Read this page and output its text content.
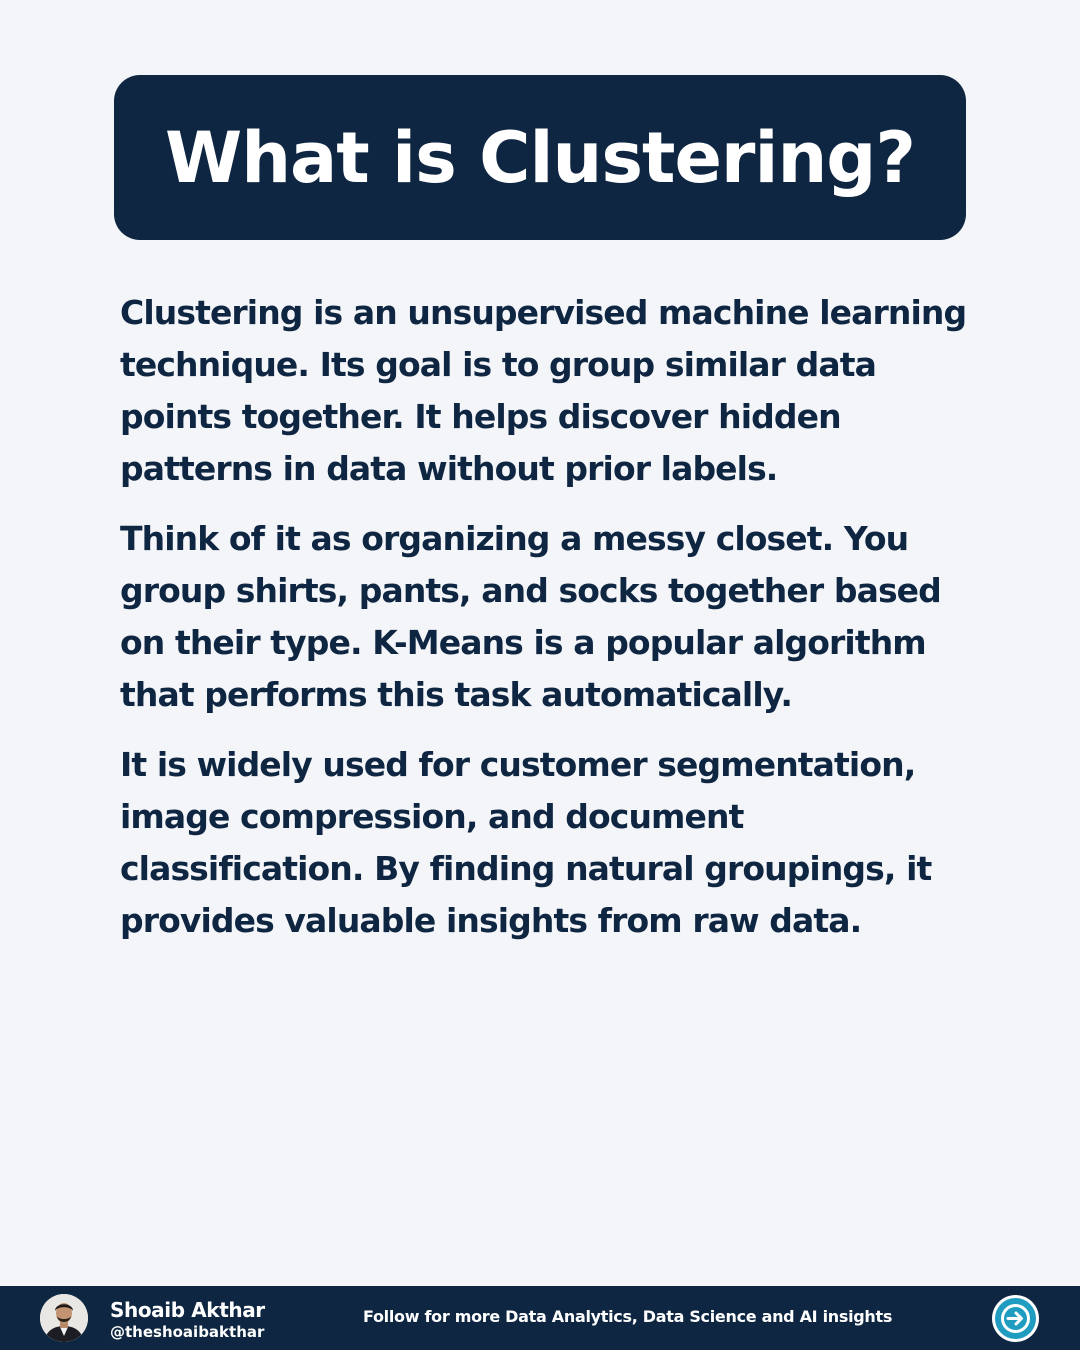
What is Clustering?

Clustering is an unsupervised machine learning technique. Its goal is to group similar data points together. It helps discover hidden patterns in data without prior labels.

Think of it as organizing a messy closet. You group shirts, pants, and socks together based on their type. K-Means is a popular algorithm that performs this task automatically.

It is widely used for customer segmentation, image compression, and document classification. By finding natural groupings, it provides valuable insights from raw data.

Shoaib Akthar
@theshoaibakthar
Follow for more Data Analytics, Data Science and AI insights
